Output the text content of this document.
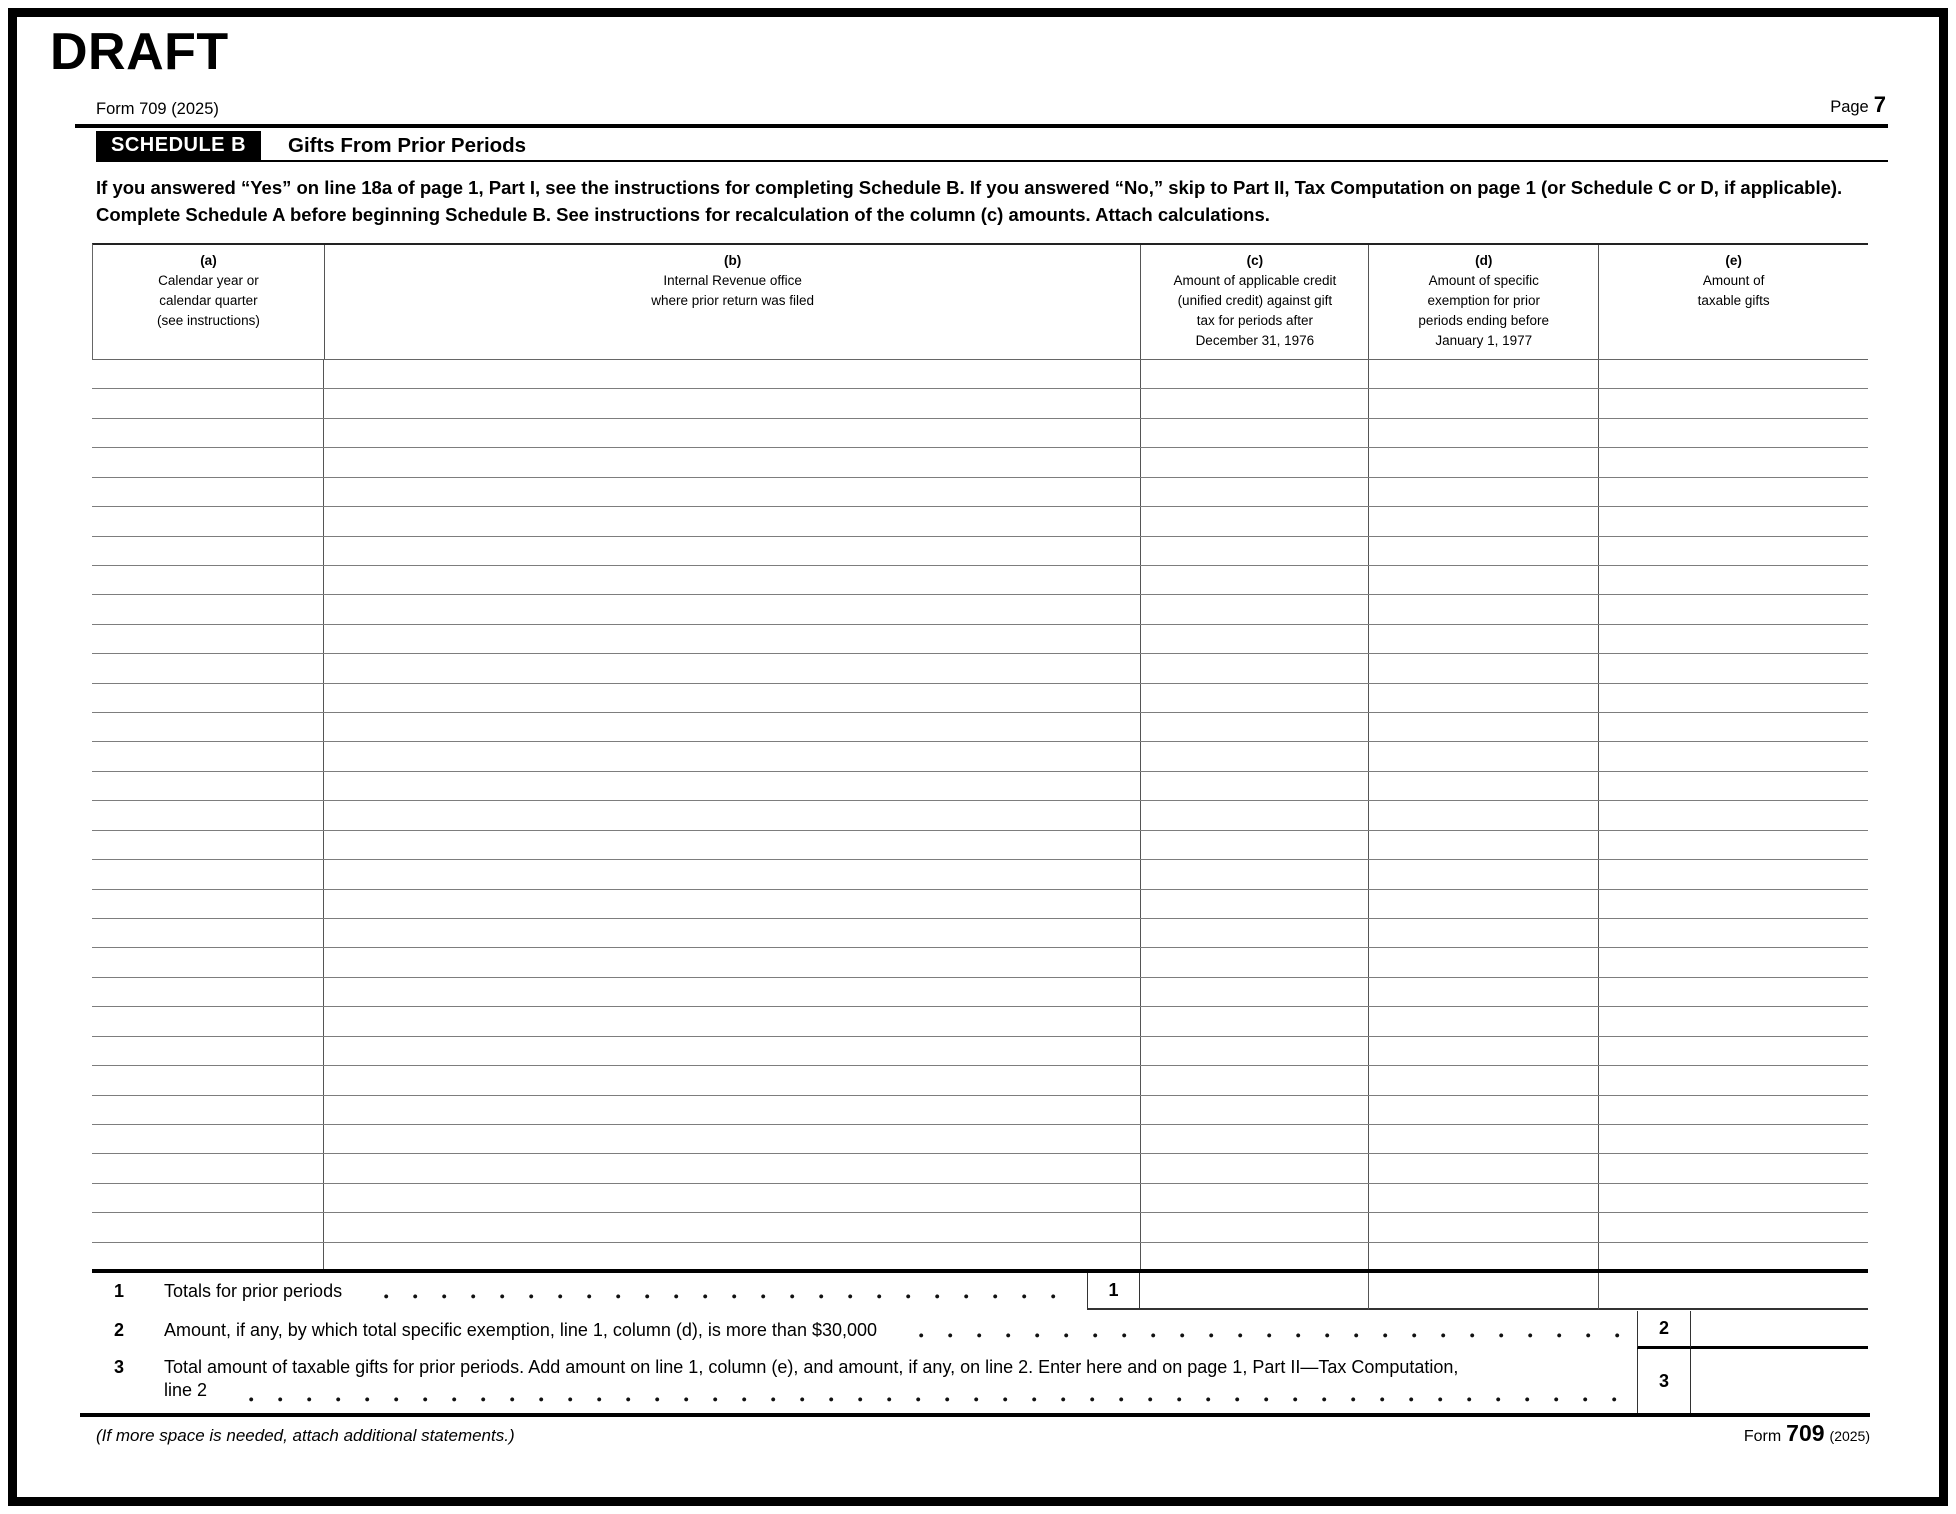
DRAFT
Form 709 (2025)	Page 7
SCHEDULE B	Gifts From Prior Periods
If you answered “Yes” on line 18a of page 1, Part I, see the instructions for completing Schedule B. If you answered “No,” skip to Part II, Tax Computation on page 1 (or Schedule C or D, if applicable). Complete Schedule A before beginning Schedule B. See instructions for recalculation of the column (c) amounts. Attach calculations.
(a)
Calendar year or
calendar quarter
(see instructions)
(b)
Internal Revenue office
where prior return was filed
(c)
Amount of applicable credit
(unified credit) against gift
tax for periods after
December 31, 1976
(d)
Amount of specific
exemption for prior
periods ending before
January 1, 1977
(e)
Amount of
taxable gifts
1	Totals for prior periods	1
2	Amount, if any, by which total specific exemption, line 1, column (d), is more than $30,000	2
3	Total amount of taxable gifts for prior periods. Add amount on line 1, column (e), and amount, if any, on line 2. Enter here and on page 1, Part II—Tax Computation,
line 2	3
(If more space is needed, attach additional statements.)	Form 709 (2025)
